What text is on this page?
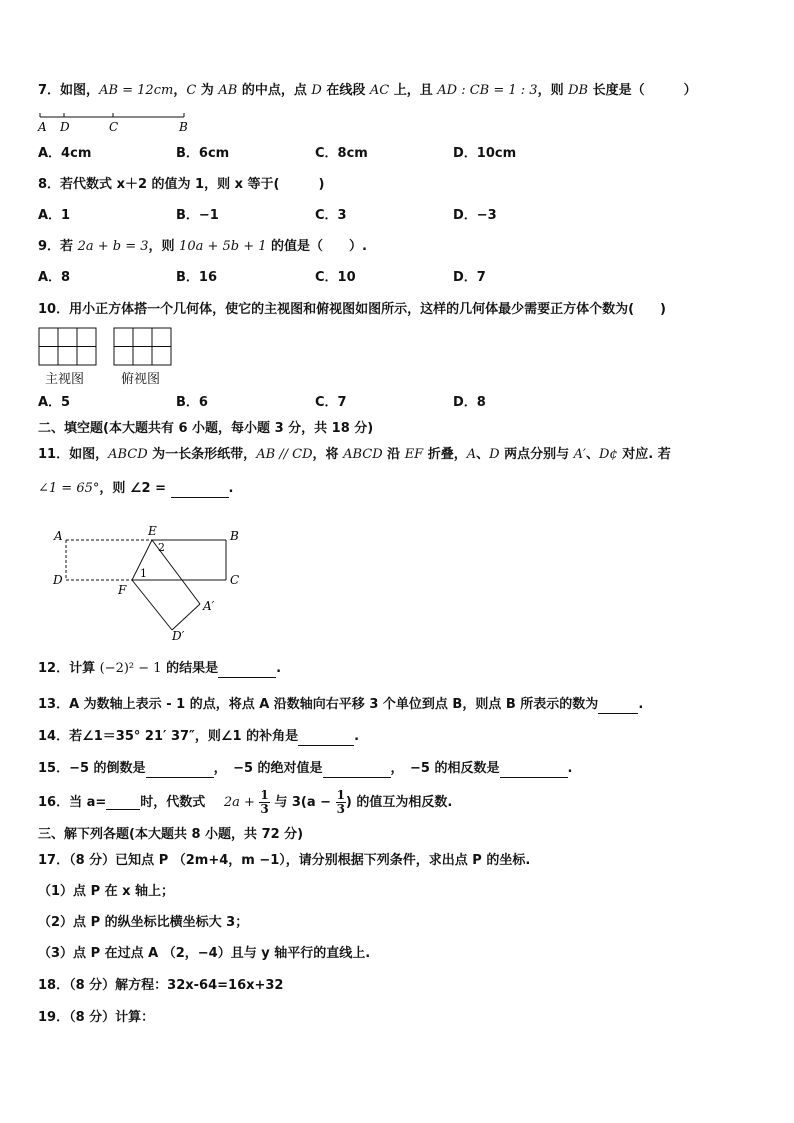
7．如图，AB = 12cm，C 为 AB 的中点，点 D 在线段 AC 上，且 AD : CB = 1 : 3，则 DB 长度是（　　　）
A D	C	B
A．4cm	B．6cm	C．8cm	D．10cm
8．若代数式 x＋2 的值为 1，则 x 等于(　　　)
A．1	B．−1	C．3	D．−3
9．若 2a + b = 3，则 10a + 5b + 1 的值是（　　）.
A．8	B．16	C．10	D．7
10．用小正方体搭一个几何体，使它的主视图和俯视图如图所示，这样的几何体最少需要正方体个数为(　　)
主视图	俯视图
A．5	B．6	C．7	D．8
二、填空题(本大题共有 6 小题，每小题 3 分，共 18 分)
11．如图，ABCD 为一长条形纸带，AB // CD，将 ABCD 沿 EF 折叠，A、D 两点分别与 A′、D¢ 对应. 若
∠1 = 65°，则 ∠2 =	.
A	E	B
D	C
F
A′
D′
1
2
12．计算 (−2)² − 1 的结果是	.
13．A 为数轴上表示 - 1 的点，将点 A 沿数轴向右平移 3 个单位到点 B，则点 B 所表示的数为	.
14．若∠1＝35° 21′ 37″，则∠1 的补角是	.
15．−5 的倒数是	，　−5 的绝对值是	，　−5 的相反数是	.
16．当 a=	时，代数式 $2a + \frac{1}{3}$ 与 $3(a - \frac{1}{3}$ ) 的值互为相反数.
三、解下列各题(本大题共 8 小题，共 72 分)
17．（8 分）已知点 P （2m+4，m −1），请分别根据下列条件，求出点 P 的坐标.
（1）点 P 在 x 轴上；
（2）点 P 的纵坐标比横坐标大 3；
（3）点 P 在过点 A （2，−4）且与 y 轴平行的直线上.
18．（8 分）解方程：32x-64=16x+32
19．（8 分）计算：
